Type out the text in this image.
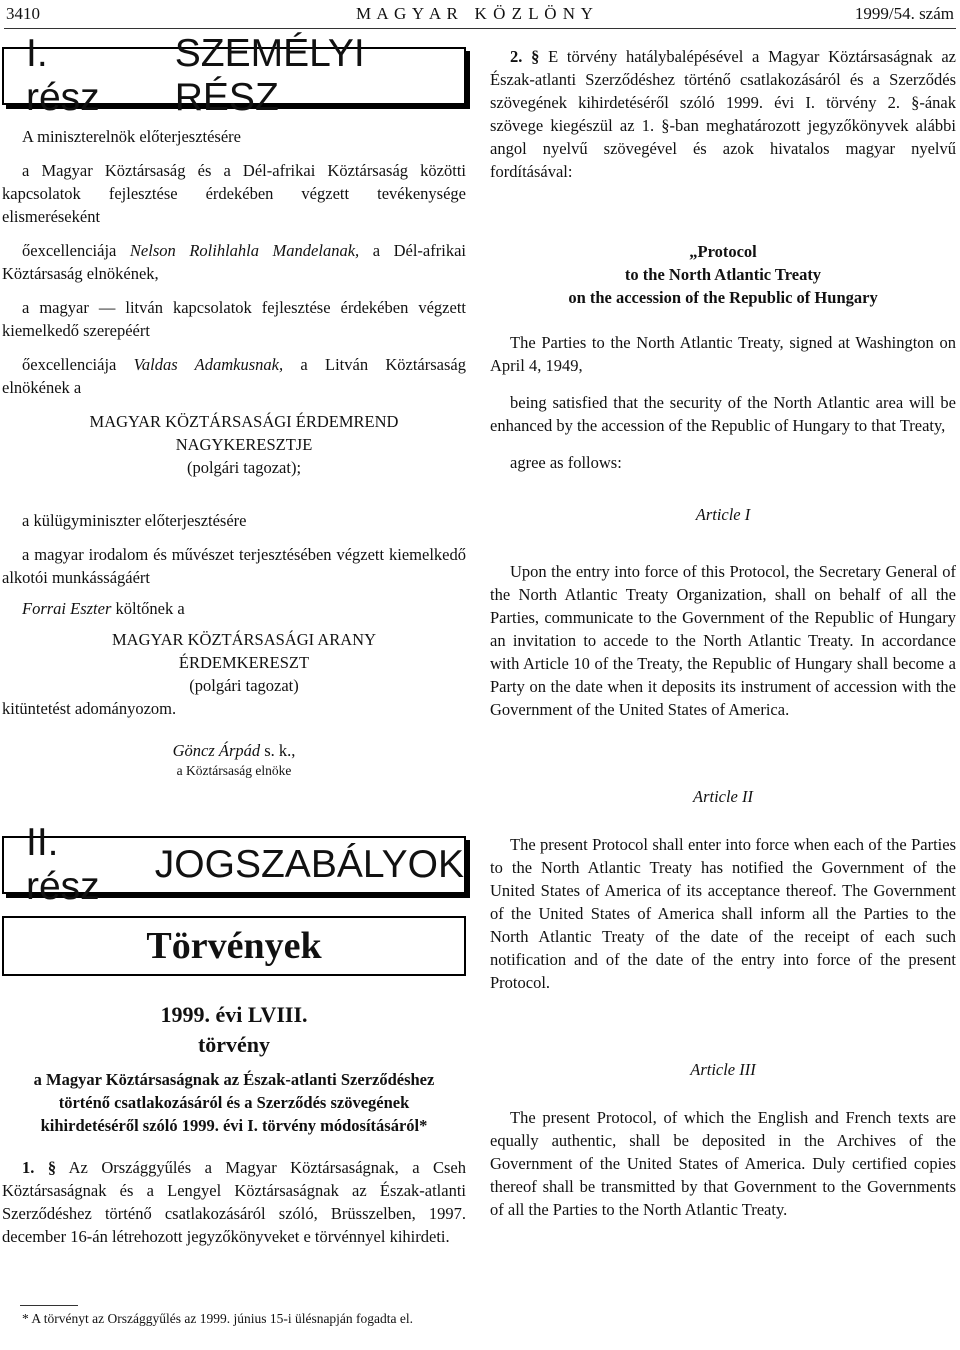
3410	M A G Y A R   K Ö Z L Ö N Y	1999/54. szám
I. rész
SZEMÉLYI RÉSZ

A miniszterelnök előterjesztésére

a Magyar Köztársaság és a Dél-afrikai Köztársaság közötti kapcsolatok fejlesztése érdekében végzett tevékenysége elismeréseként

őexcellenciája Nelson Rolihlahla Mandelanak, a Dél-afrikai Köztársaság elnökének,

a magyar — litván kapcsolatok fejlesztése érdekében végzett kiemelkedő szerepéért

őexcellenciája Valdas Adamkusnak, a Litván Köztársaság elnökének a

MAGYAR KÖZTÁRSASÁGI ÉRDEMREND
NAGYKERESZTJE
(polgári tagozat);

a külügyminiszter előterjesztésére

a magyar irodalom és művészet terjesztésében végzett kiemelkedő alkotói munkásságáért

Forrai Eszter költőnek a

MAGYAR KÖZTÁRSASÁGI ARANY
ÉRDEMKERESZT
(polgári tagozat)

kitüntetést adományozom.

Göncz Árpád s. k.,
a Köztársaság elnöke
II. rész
JOGSZABÁLYOK
Törvények
1999. évi LVIII.
törvény
a Magyar Köztársaságnak az Észak-atlanti Szerződéshez történő csatlakozásáról és a Szerződés szövegének kihirdetéséről szóló 1999. évi I. törvény módosításáról*

1. § Az Országgyűlés a Magyar Köztársaságnak, a Cseh Köztársaságnak és a Lengyel Köztársaságnak az Észak-atlanti Szerződéshez történő csatlakozásáról szóló, Brüsszelben, 1997. december 16-án létrehozott jegyzőkönyveket e törvénnyel kihirdeti.

* A törvényt az Országgyűlés az 1999. június 15-i ülésnapján fogadta el.

2. § E törvény hatálybalépésével a Magyar Köztársaságnak az Észak-atlanti Szerződéshez történő csatlakozásáról és a Szerződés szövegének kihirdetéséről szóló 1999. évi I. törvény 2. §-ának szövege kiegészül az 1. §-ban meghatározott jegyzőkönyvek alábbi angol nyelvű szövegével és azok hivatalos magyar nyelvű fordításával:

„Protocol
to the North Atlantic Treaty
on the accession of the Republic of Hungary

The Parties to the North Atlantic Treaty, signed at Washington on April 4, 1949,

being satisfied that the security of the North Atlantic area will be enhanced by the accession of the Republic of Hungary to that Treaty,

agree as follows:

Article I

Upon the entry into force of this Protocol, the Secretary General of the North Atlantic Treaty Organization, shall on behalf of all the Parties, communicate to the Government of the Republic of Hungary an invitation to accede to the North Atlantic Treaty. In accordance with Article 10 of the Treaty, the Republic of Hungary shall become a Party on the date when it deposits its instrument of accession with the Government of the United States of America.

Article II

The present Protocol shall enter into force when each of the Parties to the North Atlantic Treaty has notified the Government of the United States of America of its acceptance thereof. The Government of the United States of America shall inform all the Parties to the North Atlantic Treaty of the date of the receipt of each such notification and of the date of the entry into force of the present Protocol.

Article III

The present Protocol, of which the English and French texts are equally authentic, shall be deposited in the Archives of the Government of the United States of America. Duly certified copies thereof shall be transmitted by that Government to the Governments of all the Parties to the North Atlantic Treaty.
